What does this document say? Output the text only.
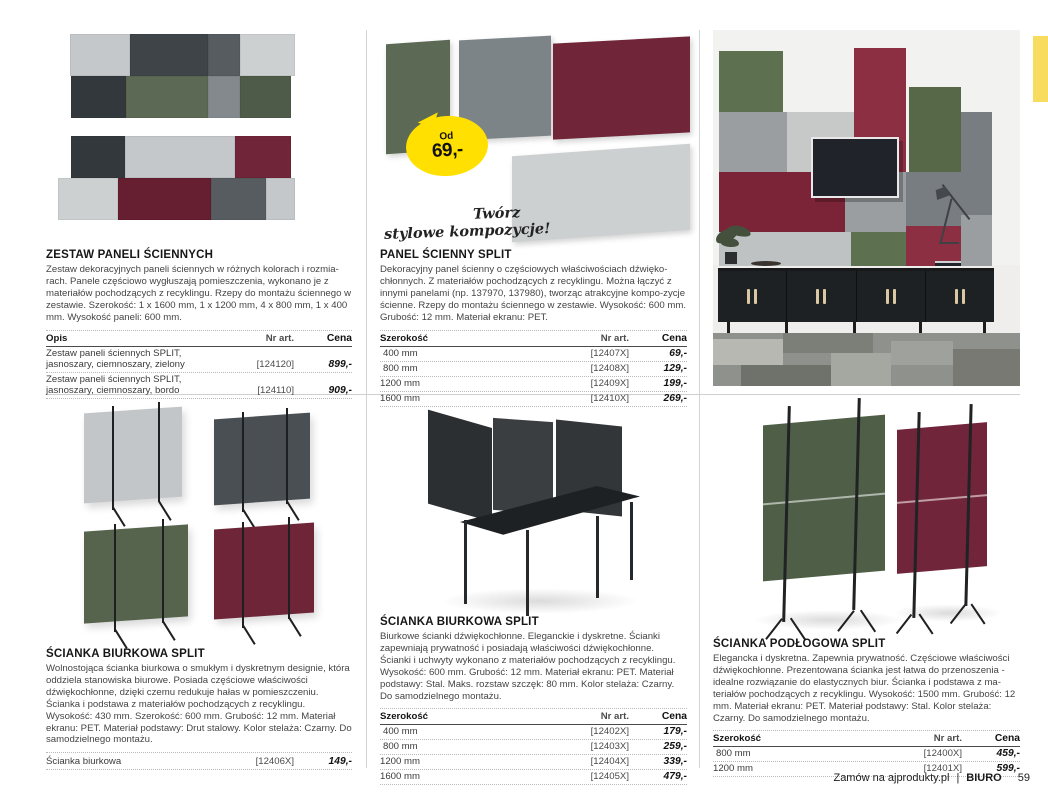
ZESTAW PANELI ŚCIENNYCH
Zestaw dekoracyjnych paneli ściennych w różnych kolorach i rozmia-rach. Panele częściowo wygłuszają pomieszczenia, wykonano je z materiałów pochodzących z recyklingu. Rzepy do montażu ściennego w zestawie. Szerokość: 1 x 1600 mm, 1 x 1200 mm, 4 x 800 mm, 1 x 400 mm. Wysokość paneli: 600 mm.
Opis	Nr art.	Cena
Zestaw paneli ściennych SPLIT, jasnoszary, ciemnoszary, zielony	[124120]	899,-
Zestaw paneli ściennych SPLIT, jasnoszary, ciemnoszary, bordo	[124110]	909,-
Od
69,-
Twórz
stylowe kompozycje!
PANEL ŚCIENNY SPLIT
Dekoracyjny panel ścienny o częściowych właściwościach dźwięko-chłonnych. Z materiałów pochodzących z recyklingu. Można łączyć z innymi panelami (np. 137970, 137980), tworząc atrakcyjne kompo-zycje ścienne. Rzepy do montażu ściennego w zestawie. Wysokość: 600 mm. Grubość: 12 mm. Materiał ekranu: PET.
Szerokość	Nr art.	Cena
400 mm	[12407X]	69,-
800 mm	[12408X]	129,-
1200 mm	[12409X]	199,-
1600 mm	[12410X]	269,-
ŚCIANKA BIURKOWA SPLIT
Wolnostojąca ścianka biurkowa o smukłym i dyskretnym designie, która oddziela stanowiska biurowe. Posiada częściowe właściwości dźwiękochłonne, dzięki czemu redukuje hałas w pomieszczeniu. Ścianka i podstawa z materiałów pochodzących z recyklingu. Wysokość: 430 mm. Szerokość: 600 mm. Grubość: 12 mm. Materiał ekranu: PET. Materiał podstawy: Drut stalowy. Kolor stelaża: Czarny. Do samodzielnego montażu.
Ścianka biurkowa	[12406X]	149,-
ŚCIANKA BIURKOWA SPLIT
Biurkowe ścianki dźwiękochłonne. Eleganckie i dyskretne. Ścianki zapewniają prywatność i posiadają właściwości dźwiękochłonne. Ścianki i uchwyty wykonano z materiałów pochodzących z recyklingu. Wysokość: 600 mm. Grubość: 12 mm. Materiał ekranu: PET. Materiał podstawy: Stal. Maks. rozstaw szczęk: 80 mm. Kolor stelaża: Czarny. Do samodzielnego montażu.
Szerokość	Nr art.	Cena
400 mm	[12402X]	179,-
800 mm	[12403X]	259,-
1200 mm	[12404X]	339,-
1600 mm	[12405X]	479,-
ŚCIANKA PODŁOGOWA SPLIT
Elegancka i dyskretna. Zapewnia prywatność. Częściowe właściwości dźwiękochłonne. Prezentowana ścianka jest łatwa do przenoszenia - idealne rozwiązanie do elastycznych biur. Ścianka i podstawa z ma-teriałów pochodzących z recyklingu. Wysokość: 1500 mm. Grubość: 12 mm. Materiał ekranu: PET. Materiał podstawy: Stal. Kolor stelaża: Czarny. Do samodzielnego montażu.
Szerokość	Nr art.	Cena
800 mm	[12400X]	459,-
1200 mm	[12401X]	599,-
Zamów na ajprodukty.pl | BIURO 59
